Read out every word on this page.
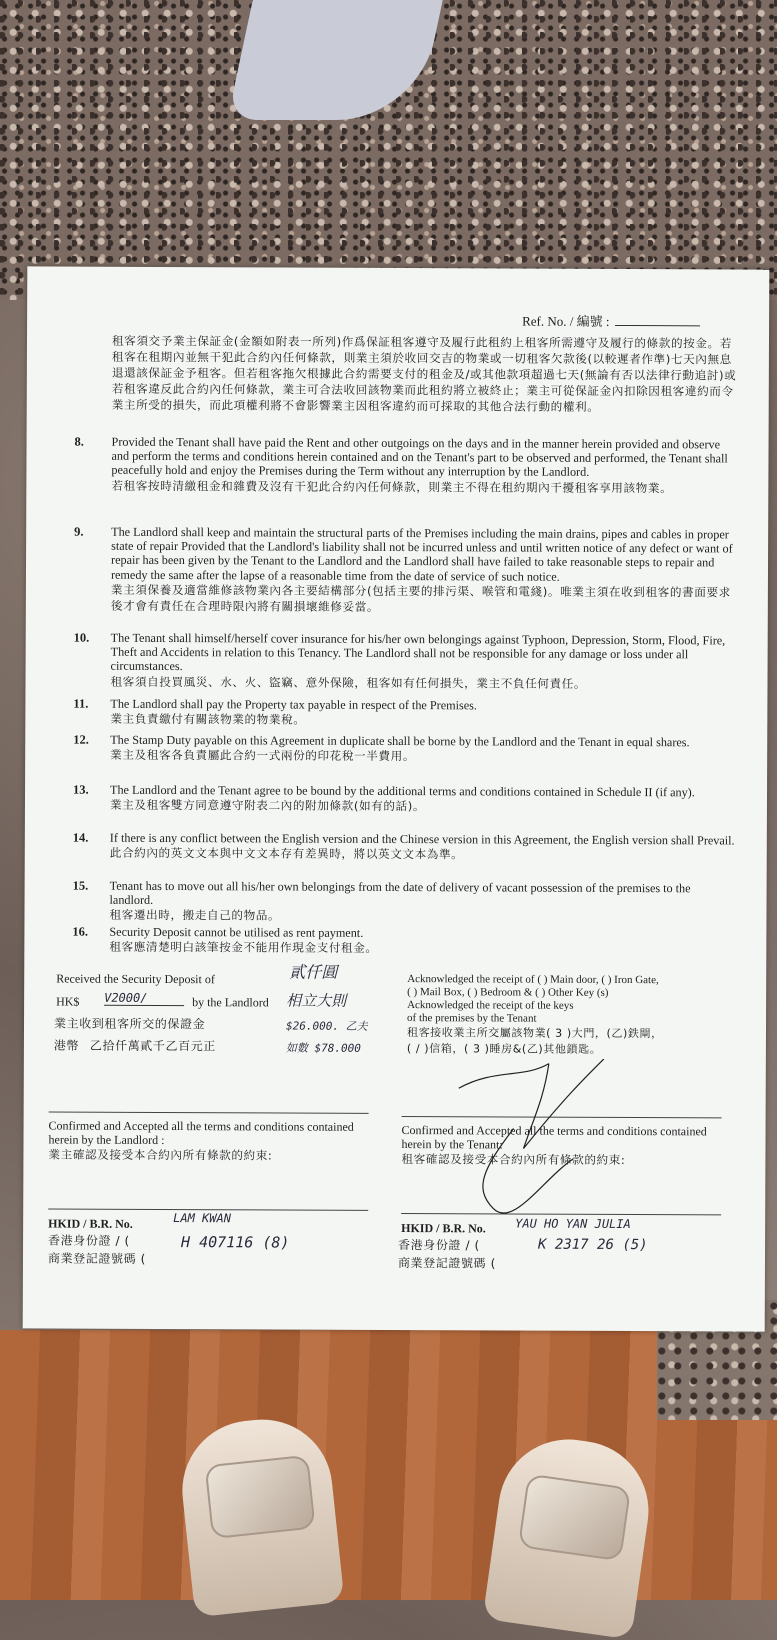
Ref. No. / 編號 :
租客須交予業主保証金(金額如附表一所列)作爲保証租客遵守及履行此租約上租客所需遵守及履行的條款的按金。若租客在租期內並無干犯此合約內任何條款，則業主須於收回交吉的物業或一切租客欠款後(以較遲者作準)七天內無息退還該保証金予租客。但若租客拖欠根據此合約需要支付的租金及/或其他款項超過七天(無論有否以法律行動追討)或若租客違反此合約內任何條款，業主可合法收回該物業而此租約將立被終止；業主可從保証金內扣除因租客違約而令業主所受的損失，而此項權利將不會影響業主因租客違約而可採取的其他合法行動的權利。
8. Provided the Tenant shall have paid the Rent and other outgoings on the days and in the manner herein provided and observe and perform the terms and conditions herein contained and on the Tenant's part to be observed and performed, the Tenant shall peacefully hold and enjoy the Premises during the Term without any interruption by the Landlord.
若租客按時清繳租金和雜費及沒有干犯此合約內任何條款，則業主不得在租約期內干擾租客享用該物業。
9. The Landlord shall keep and maintain the structural parts of the Premises including the main drains, pipes and cables in proper state of repair Provided that the Landlord's liability shall not be incurred unless and until written notice of any defect or want of repair has been given by the Tenant to the Landlord and the Landlord shall have failed to take reasonable steps to repair and remedy the same after the lapse of a reasonable time from the date of service of such notice.
業主須保養及適當維修該物業內各主要結構部分(包括主要的排污渠、喉管和電綫)。唯業主須在收到租客的書面要求後才會有責任在合理時限內將有關損壞維修妥當。
10. The Tenant shall himself/herself cover insurance for his/her own belongings against Typhoon, Depression, Storm, Flood, Fire, Theft and Accidents in relation to this Tenancy. The Landlord shall not be responsible for any damage or loss under all circumstances.
租客須自投買風災、水、火、盜竊、意外保險，租客如有任何損失，業主不負任何責任。
11. The Landlord shall pay the Property tax payable in respect of the Premises.
業主負責繳付有關該物業的物業稅。
12. The Stamp Duty payable on this Agreement in duplicate shall be borne by the Landlord and the Tenant in equal shares.
業主及租客各負責屬此合約一式兩份的印花稅一半費用。
13. The Landlord and the Tenant agree to be bound by the additional terms and conditions contained in Schedule II (if any).
業主及租客雙方同意遵守附表二內的附加條款(如有的話)。
14. If there is any conflict between the English version and the Chinese version in this Agreement, the English version shall Prevail.
此合約內的英文文本與中文文本存有差異時，將以英文文本為準。
15. Tenant has to move out all his/her own belongings from the date of delivery of vacant possession of the premises to the landlord.
租客遷出時，搬走自己的物品。
16. Security Deposit cannot be utilised as rent payment.
租客應清楚明白該筆按金不能用作現金支付租金。
Received the Security Deposit of	貳仟圓
HK$ V2000/	by the Landlord 相立大則
業主收到租客所交的保證金	$26.000. 乙夫
港幣 乙拾仟萬貳千乙百元正	如數 $78.000
Acknowledged the receipt of ( ) Main door, ( ) Iron Gate,
( ) Mail Box, ( ) Bedroom & ( ) Other Key (s)
Acknowledged the receipt of the keys
of the premises by the Tenant
租客接收業主所交屬該物業( 3 )大門，(乙)鉄閘，
( / )信箱，( 3 )睡房&(乙)其他鎖匙。
Confirmed and Accepted all the terms and conditions contained herein by the Landlord :
業主確認及接受本合約內所有條款的約束:
HKID / B.R. No.	LAM KWAN
香港身份證 / (	H 407116 (8)
商業登記證號碼 (
Confirmed and Accepted all the terms and conditions contained herein by the Tenant:
租客確認及接受本合約內所有條款的約束:
HKID / B.R. No. YAU HO YAN JULIA
香港身份證 / (	K 2317 26 (5)
商業登記證號碼 (
